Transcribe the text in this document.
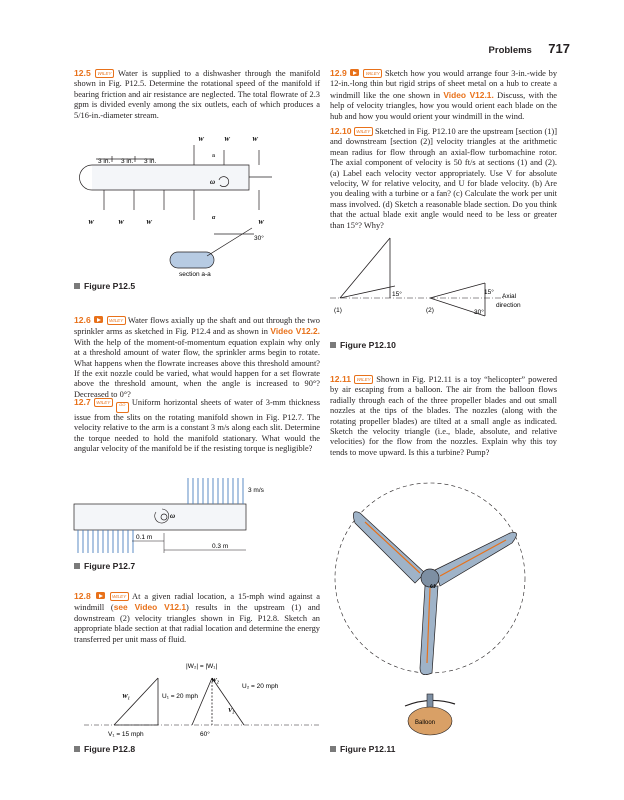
Problems 717
12.5 WILEY Water is supplied to a dishwasher through the manifold shown in Fig. P12.5. Determine the rotational speed of the manifold if bearing friction and air resistance are neglected. The total flowrate of 2.3 gpm is divided evenly among the six outlets, each of which produces a 5/16-in.-diameter stream.
3 in. 3 in. 3 in.
W	W	W
a
ω
α
W	W	W	W
30°
section a-a
Figure P12.5
12.6	WILEY Water flows axially up the shaft and out through the two sprinkler arms as sketched in Fig. P12.4 and as shown in Video V12.2. With the help of the moment-of-momentum equation explain why only at a threshold amount of water flow, the sprinkler arms begin to rotate. What happens when the flowrate increases above this threshold amount? If the exit nozzle could be varied, what would happen for a set flowrate above the threshold amount, when the angle is increased to 90°? Decreased to 0°?
12.7 WILEY GO Uniform horizontal sheets of water of 3-mm thickness issue from the slits on the rotating manifold shown in Fig. P12.7. The velocity relative to the arm is a constant 3 m/s along each slit. Determine the torque needed to hold the manifold stationary. What would the angular velocity of the manifold be if the resisting torque is negligible?
3 m/s
ω
0.1 m
0.3 m
Figure P12.7
12.8	WILEY At a given radial location, a 15-mph wind against a windmill (see Video V12.1) results in the upstream (1) and downstream (2) velocity triangles shown in Fig. P12.8. Sketch an appropriate blade section at that radial location and determine the energy transferred per unit mass of fluid.
|W₂| = |W₁|
W₂
U₂ = 20 mph
W₁	U₁ = 20 mph
V₂
V₁ = 15 mph	60°
Figure P12.8
12.9	WILEY Sketch how you would arrange four 3-in.-wide by 12-in.-long thin but rigid strips of sheet metal on a hub to create a windmill like the one shown in Video V12.1. Discuss, with the help of velocity triangles, how you would orient each blade on the hub and how you would orient your windmill in the wind.
12.10 WILEY Sketched in Fig. P12.10 are the upstream [section (1)] and downstream [section (2)] velocity triangles at the arithmetic mean radius for flow through an axial-flow turbomachine rotor. The axial component of velocity is 50 ft/s at sections (1) and (2). (a) Label each velocity vector appropriately. Use V for absolute velocity, W for relative velocity, and U for blade velocity. (b) Are you dealing with a turbine or a fan? (c) Calculate the work per unit mass involved. (d) Sketch a reasonable blade section. Do you think that the actual blade exit angle would need to be less or greater than 15°? Why?
15°	15°
30°
(1)	(2)
Axial
direction
Figure P12.10
12.11 WILEY Shown in Fig. P12.11 is a toy “helicopter” powered by air escaping from a balloon. The air from the balloon flows radially through each of the three propeller blades and out small nozzles at the tips of the blades. The nozzles (along with the rotating propeller blades) are tilted at a small angle as indicated. Sketch the velocity triangle (i.e., blade, absolute, and relative velocities) for the flow from the nozzles. Explain why this toy tends to move upward. Is this a turbine? Pump?
ω
Balloon
Figure P12.11
